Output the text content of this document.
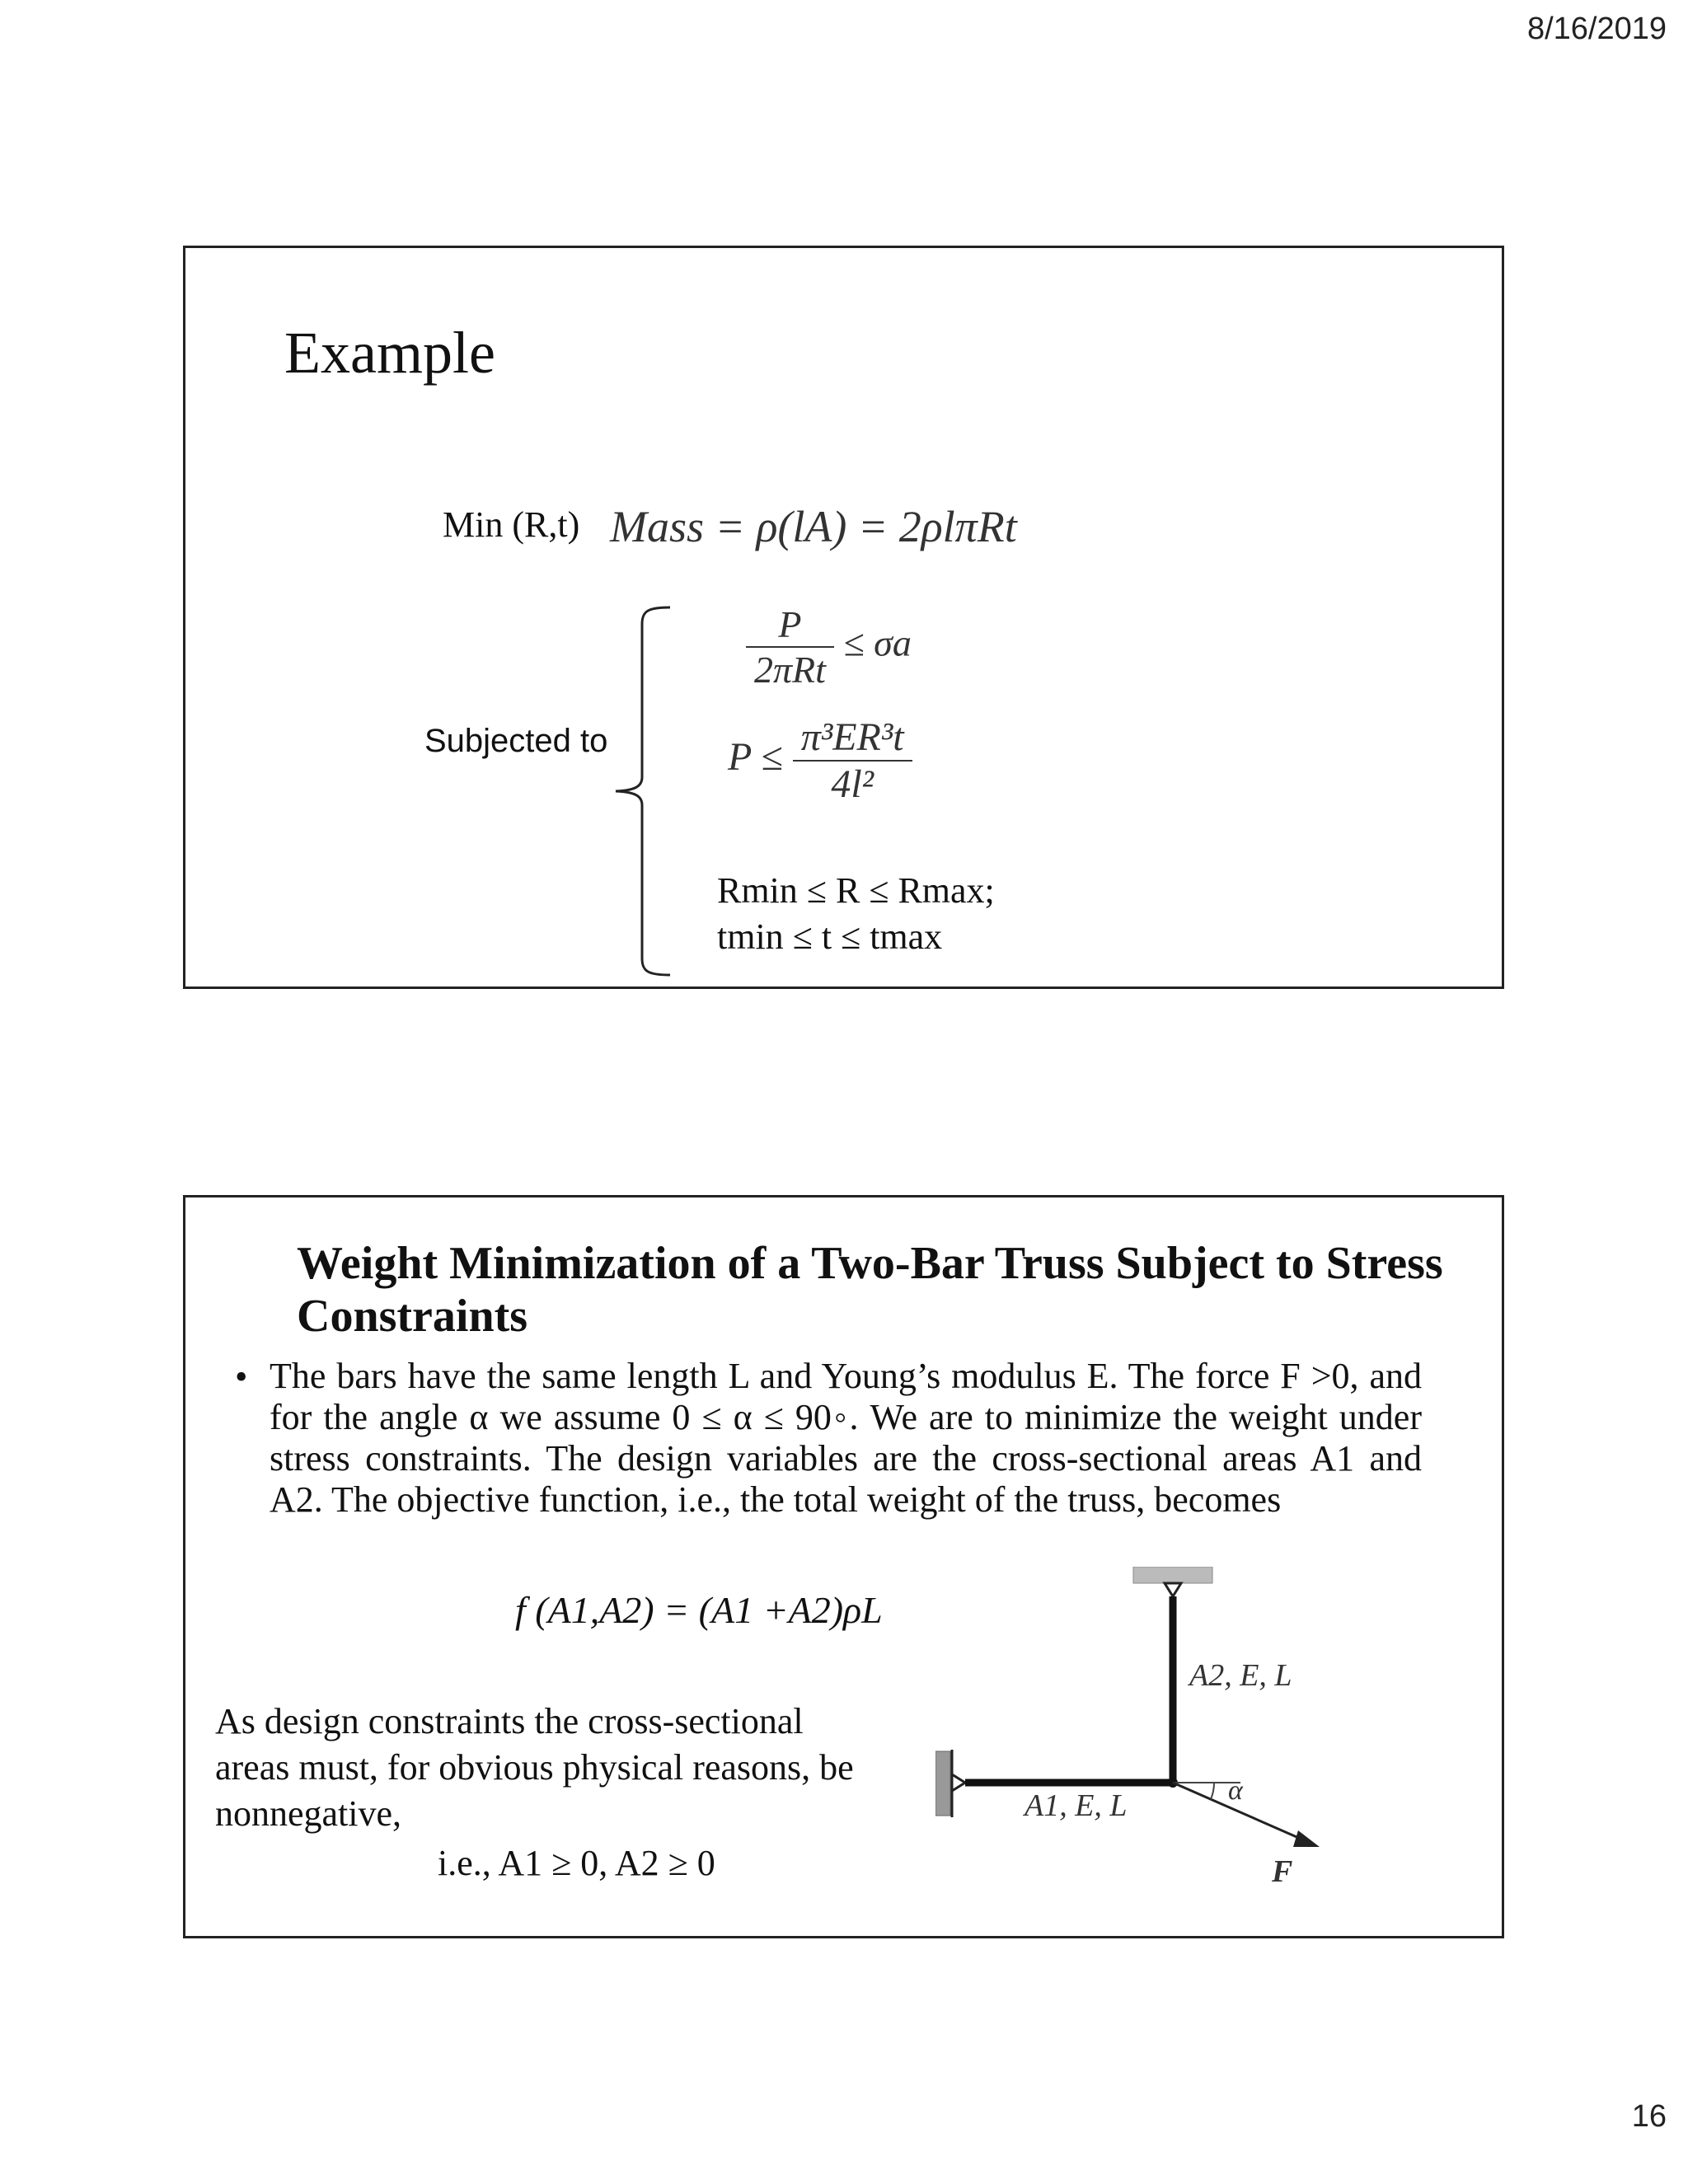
8/16/2019
Example
Min (R,t) Mass = ρ(lA) = 2ρlπRt
Subjected to
$\frac{P}{\text{2πRt}} \le \sigma a$
$P \le \frac{\text{π³ER³t}}{\text{4l²}}$
Rmin ≤ R ≤ Rmax;
tmin ≤ t ≤ tmax
Weight Minimization of a Two-Bar Truss Subject to Stress Constraints
• The bars have the same length L and Young’s modulus E. The force F >0, and for the angle α we assume 0 ≤ α ≤ 90◦. We are to minimize the weight under stress constraints. The design variables are the cross-sectional areas A1 and A2. The objective function, i.e., the total weight of the truss, becomes

f (A1,A2) = (A1 +A2)ρL

As design constraints the cross-sectional areas must, for obvious physical reasons, be nonnegative,

i.e., A1 ≥ 0, A2 ≥ 0
α
A2, E, L
A1, E, L
F
16
